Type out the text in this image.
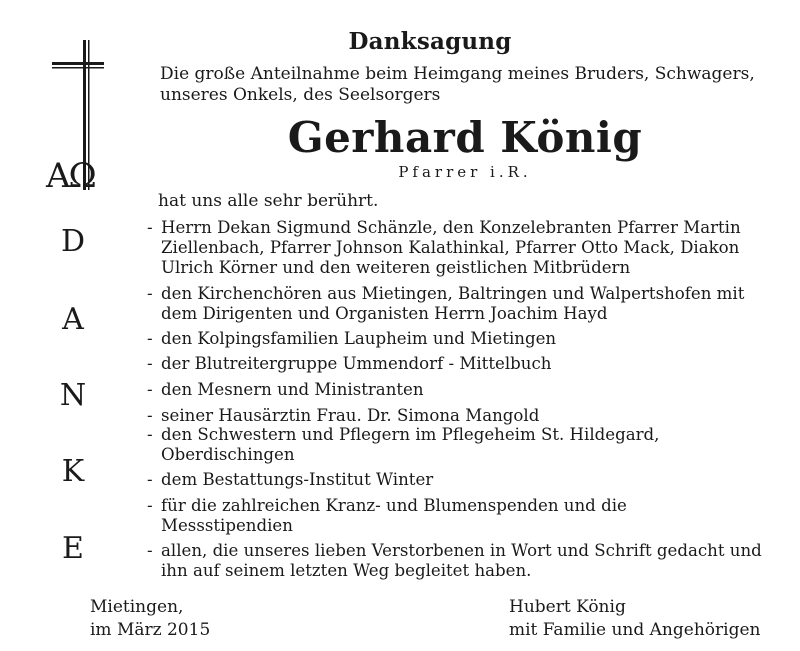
AΩ
Danksagung
Die große Anteilnahme beim Heimgang meines Bruders, Schwagers,
unseres Onkels, des Seelsorgers
Gerhard König
Pfarrer i.R.
hat uns alle sehr berührt.
D
A
N
K
E
- Herrn Dekan Sigmund Schänzle, den Konzelebranten Pfarrer Martin
Ziellenbach, Pfarrer Johnson Kalathinkal, Pfarrer Otto Mack, Diakon
Ulrich Körner und den weiteren geistlichen Mitbrüdern
- den Kirchenchören aus Mietingen, Baltringen und Walpertshofen mit
dem Dirigenten und Organisten Herrn Joachim Hayd
- den Kolpingsfamilien Laupheim und Mietingen
- der Blutreitergruppe Ummendorf - Mittelbuch
- den Mesnern und Ministranten
- seiner Hausärztin Frau. Dr. Simona Mangold
- den Schwestern und Pflegern im Pflegeheim St. Hildegard,
Oberdischingen
- dem Bestattungs-Institut Winter
- für die zahlreichen Kranz- und Blumenspenden und die
Messstipendien
- allen, die unseres lieben Verstorbenen in Wort und Schrift gedacht und
ihn auf seinem letzten Weg begleitet haben.
Mietingen,
im März 2015
Hubert König
mit Familie und Angehörigen
